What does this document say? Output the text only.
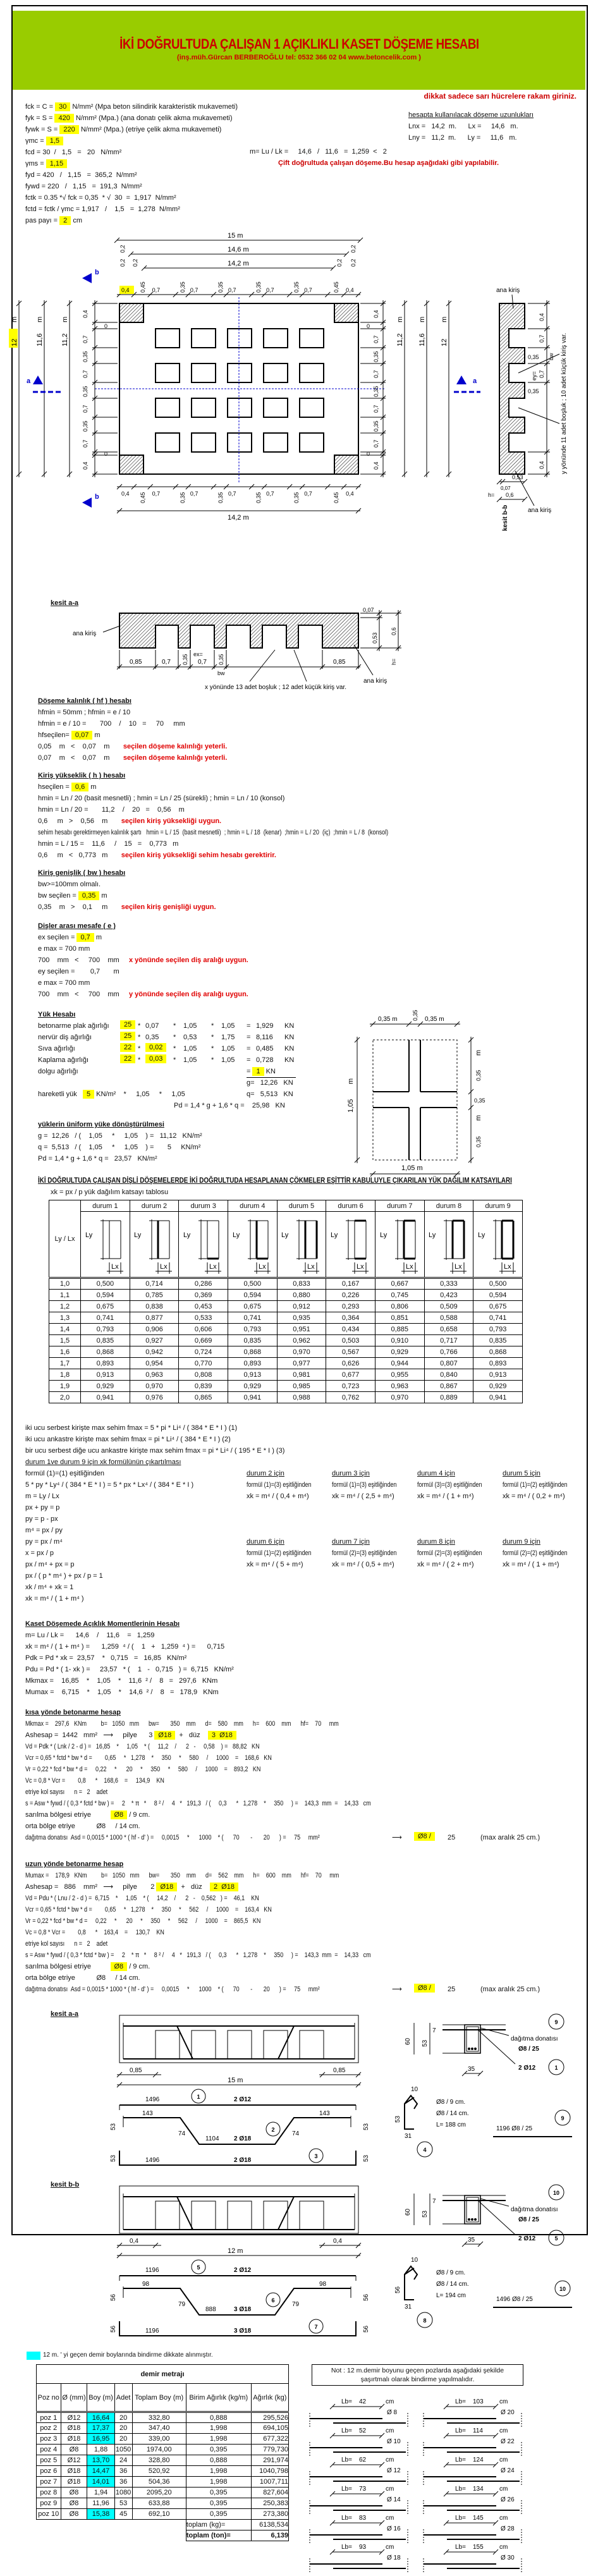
İKİ DOĞRULTUDA ÇALIŞAN 1 AÇIKLIKLI KASET DÖŞEME HESABI
(inş.müh.Gürcan BERBEROĞLU tel: 0532 366 02 04 www.betoncelik.com )
dikkat sadece sarı hücrelere rakam giriniz.
fck = C = 30 N/mm² (Mpa beton silindirik karakteristik mukavemeti)
fyk = S = 420 N/mm² (Mpa.) (ana donatı çelik akma mukavemeti)
fywk = S = 220 N/mm² (Mpa.) (etriye çelik akma mukavemeti)
γmc = 1,5
fcd = 30  /   1,5   =   20   N/mm²
γms = 1,15
fyd = 420   /   1,15   =  365,2  N/mm²
fywd = 220   /   1,15   =  191,3  N/mm²
fctk = 0.35 *√ fck = 0,35  * √  30  =  1,917  N/mm²
fctd = fctk / γmc = 1,917   /    1,5   =  1,278  N/mm²
pas payı = 2 cm
hesapta kullanılacak döşeme uzunlukları
Lnx =   14,2  m.      Lx =     14,6   m.
Lny =   11,2  m.      Ly =     11,6   m.
m= Lu / Lk =     14,6   /   11,6   =  1,259  <   2
Çift doğrultuda çalışan döşeme.Bu hesap aşağıdaki gibi yapılabilir.
15 m
14,6 m
14,2 m
0,2	0,2
0,2 0,2	0,2 0,2
0,4 0,45 0,7	0,35 0,7	0,35 0,7	0,35 0,7	0,35 0,7	0,45 0,4
0,4 0,45 0,7	0,35 0,7	0,35 0,7	0,35 0,7	0,35 0,7	0,45 0,4
14,2 m
12
m
11,6
m
11,2
m
0,4
0
0,7
0,35
0,7
0,35
0,7
0,35
0,7
0
0,4
0,4
0
0,7
0,35
0,7
0,35
0,7
0,35
0,7
0
0,4
11,2
m
11,6
m
12
m
a	a
b
b
0,4
0,7
0,35
ey= 0,7
0,35
0,4
bw
0,07
0,53
h= 0,6
y yönünde 11 adet boşluk ; 10 adet küçük kiriş var.
kesit b-b
ana kiriş
ana kiriş
kesit a-a
0,85	0,7 0,35 ex=
0,7 0,35	0,85
0,07
0,53
0,6
h=
bw
x yönünde 13 adet boşluk ; 12 adet küçük kiriş var.
ana kiriş
ana kiriş
Döşeme kalınlık ( hf ) hesabı
hfmin = 50mm ; hfmin = e / 10
hfmin = e / 10 =       700    /    10   =     70     mm
hfseçilen= 0,07 m
0,05    m   <    0,07    m seçilen döşeme kalınlığı yeterli.
0,07    m   <    0,07    m seçilen döşeme kalınlığı yeterli.
Kiriş yükseklik ( h ) hesabı
hseçilen = 0,6 m
hmin = Ln / 20 (basit mesnetli) ; hmin = Ln / 25 (sürekli) ; hmin = Ln / 10 (konsol)
hmin = Ln / 20 =       11,2    /    20   =    0,56    m
0,6     m   >    0,56    m seçilen kiriş yüksekliği uygun.
sehim hesabı gerektirmeyen kalınlık şartı   hmin = L / 15  (basit mesnetli)  ; hmin = L / 18  (kenar)  ;hmin = L / 20  (iç)  ;hmin = L / 8  (konsol)
hmin = L / 15 =    11,6     /    15   =    0,773   m
0,6     m   <   0,773   m seçilen kiriş yüksekliği sehim hesabı gerektirir.
Kiriş genişlik ( bw ) hesabı
bw>=100mm olmalı.
bw seçilen = 0,35 m
0,35    m   >    0,1     m seçilen kiriş genişliği uygun.
Dişler arası mesafe ( e )
ex seçilen = 0,7 m
e max = 700 mm
700    mm   <     700    mm x yönünde seçilen diş aralığı uygun.
ey seçilen =        0,7       m
e max = 700 mm
700    mm   <     700    mm y yönünde seçilen diş aralığı uygun.
Yük Hesabı
betonarme plak ağırlığı	25 * 0,07 * 1,05 * 1,05 = 1,929 KN
nervür diş ağırlığı	25 * 0,35 * 0,53 * 1,75 = 8,116 KN
Sıva ağırlığı	22 *	0,02	* 1,05 * 1,05 = 0,485 KN
Kaplama ağırlığı	22 *	0,03	* 1,05 * 1,05 = 0,728 KN
dolgu ağırlığı	= 1 KN
g=   12,26   KN
hareketli yük 5 KN/m²    *     1,05     *     1,05	q=   5,513   KN
Pd = 1,4 * g + 1,6 * q =    25,98   KN
0,35 m	0,35 0,35 m
m
0,35
0,35
m
0,35
1,05
m
1,05 m
yüklerin üniform yüke dönüştürülmesi
g =  12,26   / (    1,05     *     1,05    ) =   11,12   KN/m²
q =  5,513   / (    1,05     *     1,05    ) =       5     KN/m²
Pd = 1,4 * g + 1,6 * q =   23,57   KN/m²
İKİ DOĞRULTUDA ÇALIŞAN DİŞLİ DÖŞEMELERDE İKİ DOĞRULTUDA HESAPLANAN ÇÖKMELER EŞİTTİR KABULUYLE ÇIKARILAN YÜK DAĞILIM KATSAYILARI
xk = px / p yük dağılım katsayı tablosu
Ly / Lx	durum 1	durum 2	durum 3	durum 4	durum 5	durum 6	durum 7	durum 8	durum 9

Ly
Lx	Ly
Lx	Ly
Lx	Ly
Lx	Ly
Lx	Ly
Lx	Ly
Lx	Ly
Lx	Ly
Lx

1,0	0,500	0,714	0,286	0,500	0,833	0,167	0,667	0,333	0,500
1,1	0,594	0,785	0,369	0,594	0,880	0,226	0,745	0,423	0,594
1,2	0,675	0,838	0,453	0,675	0,912	0,293	0,806	0,509	0,675
1,3	0,741	0,877	0,533	0,741	0,935	0,364	0,851	0,588	0,741
1,4	0,793	0,906	0,606	0,793	0,951	0,434	0,885	0,658	0,793
1,5	0,835	0,927	0,669	0,835	0,962	0,503	0,910	0,717	0,835
1,6	0,868	0,942	0,724	0,868	0,970	0,567	0,929	0,766	0,868
1,7	0,893	0,954	0,770	0,893	0,977	0,626	0,944	0,807	0,893
1,8	0,913	0,963	0,808	0,913	0,981	0,677	0,955	0,840	0,913
1,9	0,929	0,970	0,839	0,929	0,985	0,723	0,963	0,867	0,929
2,0	0,941	0,976	0,865	0,941	0,988	0,762	0,970	0,889	0,941
iki ucu serbest kirişte max sehim fmax = 5 * pi * Li⁴ / ( 384 * E * I ) (1)
iki ucu ankastre kirişte max sehim fmax = pi * Li⁴ / ( 384 * E * I ) (2)
bir ucu serbest diğe ucu ankastre kirişte max sehim fmax = pi * Li⁴ / ( 195 * E * I ) (3)
durum 1ve durum 9 için xk formülünün çıkartılması
formül (1)=(1) eşitliğinden
5 * py * Ly⁴ / ( 384 * E * I ) = 5 * px * Lx⁴ / ( 384 * E * I )
m = Ly / Lx
px + py = p
py = p - px
m⁴ = px / py
py = px / m⁴
x = px / p
px / m⁴ + px = p
px / ( p * m⁴ ) + px / p = 1
xk / m⁴ + xk = 1
xk = m⁴ / ( 1 + m⁴ )
durum 2 için
formül (1)=(3) eşitliğinden
xk = m⁴ / ( 0,4 + m⁴)
durum 3 için
formül (1)=(3) eşitliğinden
xk = m⁴ / ( 2,5 + m⁴)
durum 4 için
formül (3)=(3) eşitliğinden
xk = m⁴ / ( 1 + m⁴)
durum 5 için
formül (1)=(2) eşitliğinden
xk = m⁴ / ( 0,2 + m⁴)
durum 6 için
formül (1)=(2) eşitliğinden
xk = m⁴ / ( 5 + m⁴)
durum 7 için
formül (2)=(3) eşitliğinden
xk = m⁴ / ( 0,5 + m⁴)
durum 8 için
formül (2)=(3) eşitliğinden
xk = m⁴ / ( 2 + m⁴)
durum 9 için
formül (2)=(2) eşitliğinden
xk = m⁴ / ( 1 + m⁴)
Kaset Döşemede Açıklık Momentlerinin Hesabı
m= Lu / Lk =      14,6    /    11,6    =   1,259
xk = m⁴ / ( 1 + m⁴ ) =      1,259  ⁴ / (    1   +   1,259  ⁴ ) =      0,715
Pdk = Pd * xk =  23,57    *   0,715   =   16,85   KN/m²
Pdu = Pd * ( 1- xk ) =     23,57   * (    1   -   0,715   ) =  6,715   KN/m²
Mkmax =    16,85    *    1,05    *    11,6  ² /    8   =   297,6   KNm
Mumax =    6,715    *    1,05    *    14,6  ² /    8   =   178,9   KNm
kısa yönde betonarme hesap
Mkmax =    297,6   KNm         b=   1050   mm      bw=       350    mm      d=    580    mm      h=    600    mm      hf=    70     mm
Ashesap =  1442   mm² ⟶ pilye      3 Ø18 +   düz 3  Ø18
Vd = Pdk * ( Lnk / 2 - d ) =   16,85    *     1,05    * (     11,2    /      2   -     0,58    ) =   88,82   KN
Vcr = 0,65 * fctd * bw * d =        0,65     *   1,278    *     350     *     580     /     1000    =    168,6   KN
Vr = 0,22 * fcd * bw * d =     0,22     *      20     *     350     *     580     /     1000    =    893,2   KN
Vc = 0,8 * Vcr =        0,8      *    168,6    =     134,9    KN
etriye kol sayısı      n =   2    adet
s = Asw * fywd / ( 0,3 * fctd * bw ) =     2    * π   *     8 ² /     4   *   191,3   / (     0,3      *   1,278    *     350     ) =    143,3  mm  =    14,33   cm
sarılma bölgesi etriye	Ø8 / 9 cm.
orta bölge etriye           Ø8     / 14 cm.
dağıtma donatısı  Asd = 0,0015 * 1000 * ( hf - d' ) =     0,0015     *      1000    * (      70       -       20      ) =     75     mm²	⟶	Ø8 /	25	(max aralık 25 cm.)
uzun yönde betonarme hesap
Mumax =    178,9   KNm         b=   1050   mm      bw=       350    mm      d=    562    mm      h=    600    mm      hf=    70     mm
Ashesap =   886    mm² ⟶ pilye       2 Ø18 +   düz 2  Ø18
Vd = Pdu * ( Lnu / 2 - d ) =  6,715    *     1,05    * (     14,2    /      2   -    0,562   ) =    46,1    KN
Vcr = 0,65 * fctd * bw * d =        0,65     *   1,278    *     350     *     562     /     1000    =    163,4   KN
Vr = 0,22 * fcd * bw * d =     0,22     *      20     *     350     *     562     /     1000    =    865,5   KN
Vc = 0,8 * Vcr =        0,8      *    163,4    =     130,7    KN
etriye kol sayısı      n =   2    adet
s = Asw * fywd / ( 0,3 * fctd * bw ) =     2    * π   *     8 ² /     4   *   191,3   / (     0,3      *   1,278    *     350     ) =    143,3  mm  =    14,33   cm
sarılma bölgesi etriye	Ø8 / 9 cm.
orta bölge etriye           Ø8     / 14 cm.
dağıtma donatısı  Asd = 0,0015 * 1000 * ( hf - d' ) =     0,0015     *      1000    * (      70       -       20      ) =     75     mm²	⟶	Ø8 /	25	(max aralık 25 cm.)
kesit a-a
0,85	0,85
15 m
1496	2 Ø12
1
143	143
74	74
1104 2 Ø18
53	53
2
1496	2 Ø18
53	53
3
60 53
7
35
9
dağıtma donatısı
Ø8 / 25
2 Ø12	1
10
53
31
4
Ø8 / 9 cm.
Ø8 / 14 cm.
L= 188 cm
1196 Ø8 / 25
9
kesit b-b
0,4	0,4
12 m
1196	2 Ø12
5
98	98
79	79
888	3 Ø18
56	56
6
1196	3 Ø18
56	56
7
60 53
7
35
10
dağıtma donatısı
Ø8 / 25
2 Ø12	5
10
56
31
8
Ø8 / 9 cm.
Ø8 / 14 cm.
L= 194 cm
1496 Ø8 / 25
10
12 m. ' yi geçen demir boylarında bindirme dikkate alınmıştır.
demir metrajı						
Poz no	Ø (mm)	Boy (m)	Adet	Toplam Boy (m)	Birim Ağırlık (kg/m)	Ağırlık (kg)
poz 1	Ø12	16,64	20	332,80	0,888	295,526
poz 2	Ø18	17,37	20	347,40	1,998	694,105
poz 3	Ø18	16,95	20	339,00	1,998	677,322
poz 4	Ø8	1,88	1050	1974,00	0,395	779,730
poz 5	Ø12	13,70	24	328,80	0,888	291,974
poz 6	Ø18	14,47	36	520,92	1,998	1040,798
poz 7	Ø18	14,01	36	504,36	1,998	1007,711
poz 8	Ø8	1,94	1080	2095,20	0,395	827,604
poz 9	Ø8	11,96	53	633,88	0,395	250,383
poz 10	Ø8	15,38	45	692,10	0,395	273,380
					toplam (kg)=	6138,534
					toplam (ton)=	6,139
Not : 12 m.demir boyunu geçen pozlarda aşağıdaki şekilde şaşırtmalı olarak bindirme yapılmalıdır.
Lb= 42	cm
Ø 8
Lb= 103	cm
Ø 20
Lb= 52	cm
Ø 10
Lb= 114	cm
Ø 22
Lb= 62	cm
Ø 12
Lb= 124	cm
Ø 24
Lb= 73	cm
Ø 14
Lb= 134	cm
Ø 26
Lb= 83	cm
Ø 16
Lb= 145	cm
Ø 28
Lb= 93	cm
Ø 18
Lb= 155	cm
Ø 30
